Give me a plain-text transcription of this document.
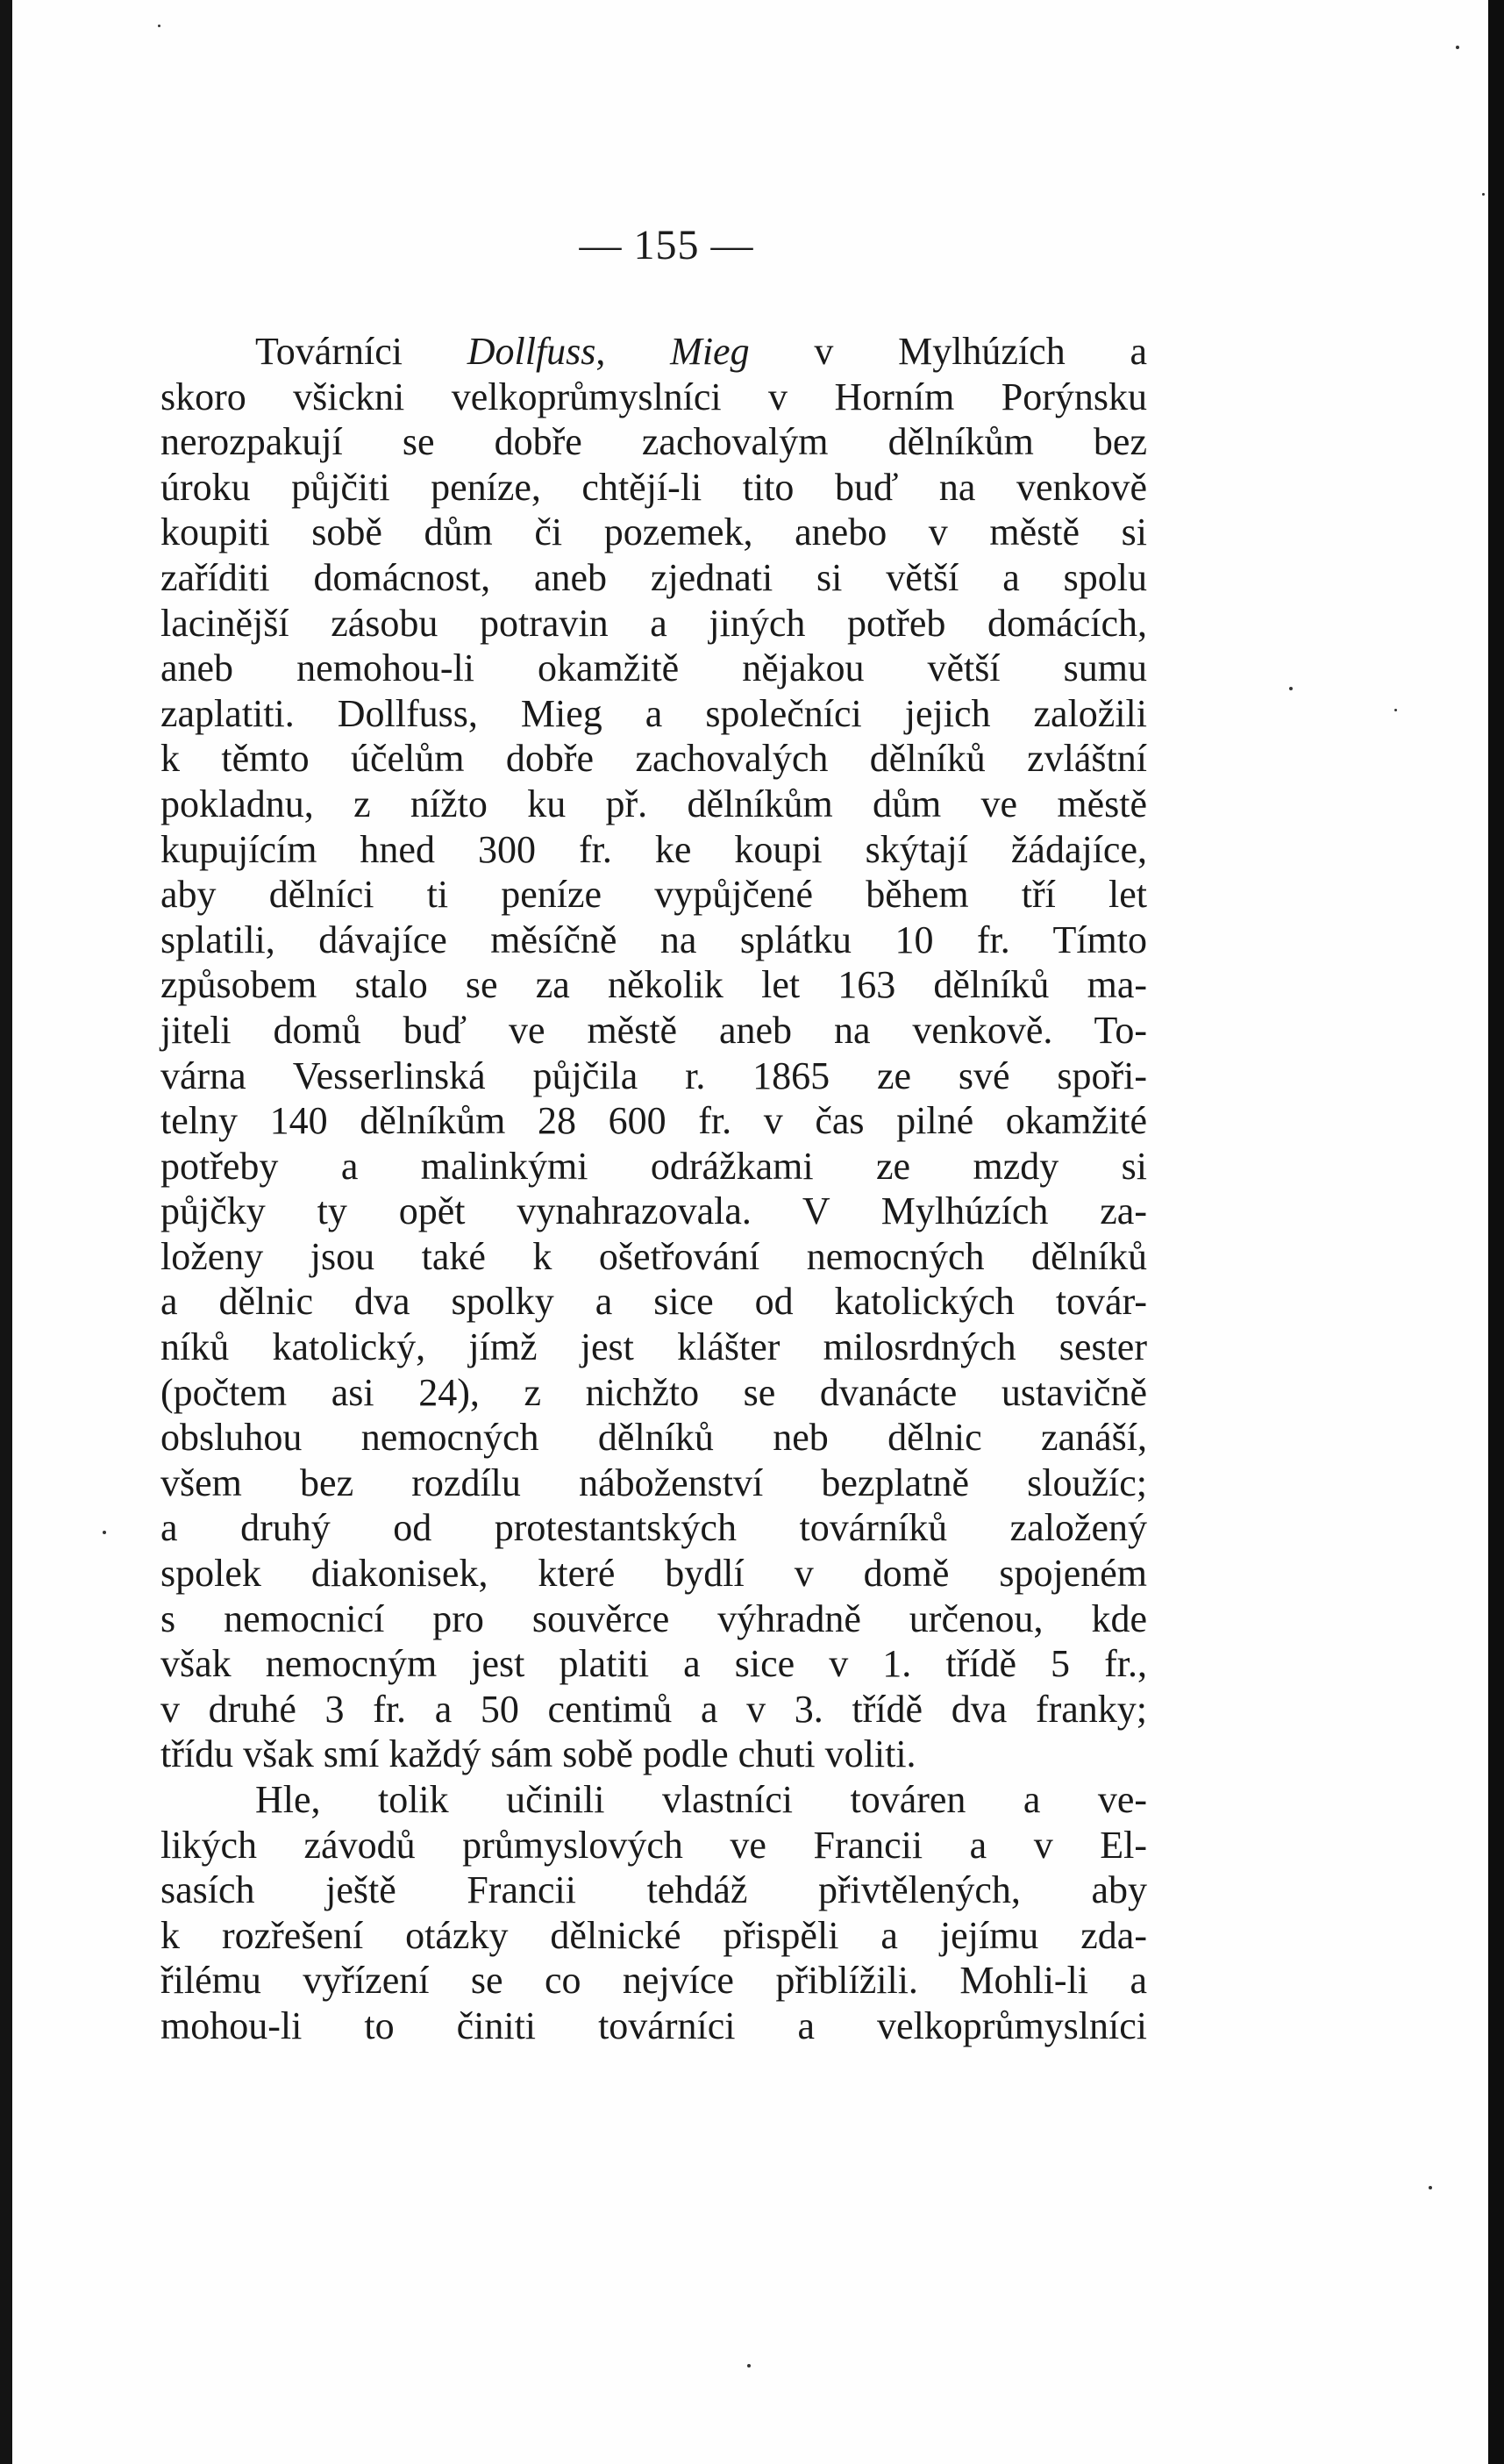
— 155 —
Továrníci Dollfuss, Mieg v Mylhúzích a
skoro všickni velkoprůmyslníci v Horním Porýnsku
nerozpakují se dobře zachovalým dělníkům bez
úroku půjčiti peníze, chtějí-li tito buď na venkově
koupiti sobě dům či pozemek, anebo v městě si
zaříditi domácnost, aneb zjednati si větší a spolu
lacinější zásobu potravin a jiných potřeb domácích,
aneb nemohou-li okamžitě nějakou větší sumu
zaplatiti. Dollfuss, Mieg a společníci jejich založili
k těmto účelům dobře zachovalých dělníků zvláštní
pokladnu, z nížto ku př. dělníkům dům ve městě
kupujícím hned 300 fr. ke koupi skýtají žádajíce,
aby dělníci ti peníze vypůjčené během tří let
splatili, dávajíce měsíčně na splátku 10 fr. Tímto
způsobem stalo se za několik let 163 dělníků ma-
jiteli domů buď ve městě aneb na venkově. To-
várna Vesserlinská půjčila r. 1865 ze své spoři-
telny 140 dělníkům 28 600 fr. v čas pilné okamžité
potřeby a malinkými odrážkami ze mzdy si
půjčky ty opět vynahrazovala. V Mylhúzích za-
loženy jsou také k ošetřování nemocných dělníků
a dělnic dva spolky a sice od katolických továr-
níků katolický, jímž jest klášter milosrdných sester
(počtem asi 24), z nichžto se dvanácte ustavičně
obsluhou nemocných dělníků neb dělnic zanáší,
všem bez rozdílu náboženství bezplatně sloužíc;
a druhý od protestantských továrníků založený
spolek diakonisek, které bydlí v domě spojeném
s nemocnicí pro souvěrce výhradně určenou, kde
však nemocným jest platiti a sice v 1. třídě 5 fr.,
v druhé 3 fr. a 50 centimů a v 3. třídě dva franky;
třídu však smí každý sám sobě podle chuti voliti.
Hle, tolik učinili vlastníci továren a ve-
likých závodů průmyslových ve Francii a v El-
sasích ještě Francii tehdáž přivtělených, aby
k rozřešení otázky dělnické přispěli a jejímu zda-
řilému vyřízení se co nejvíce přiblížili. Mohli-li a
mohou-li to činiti továrníci a velkoprůmyslníci
